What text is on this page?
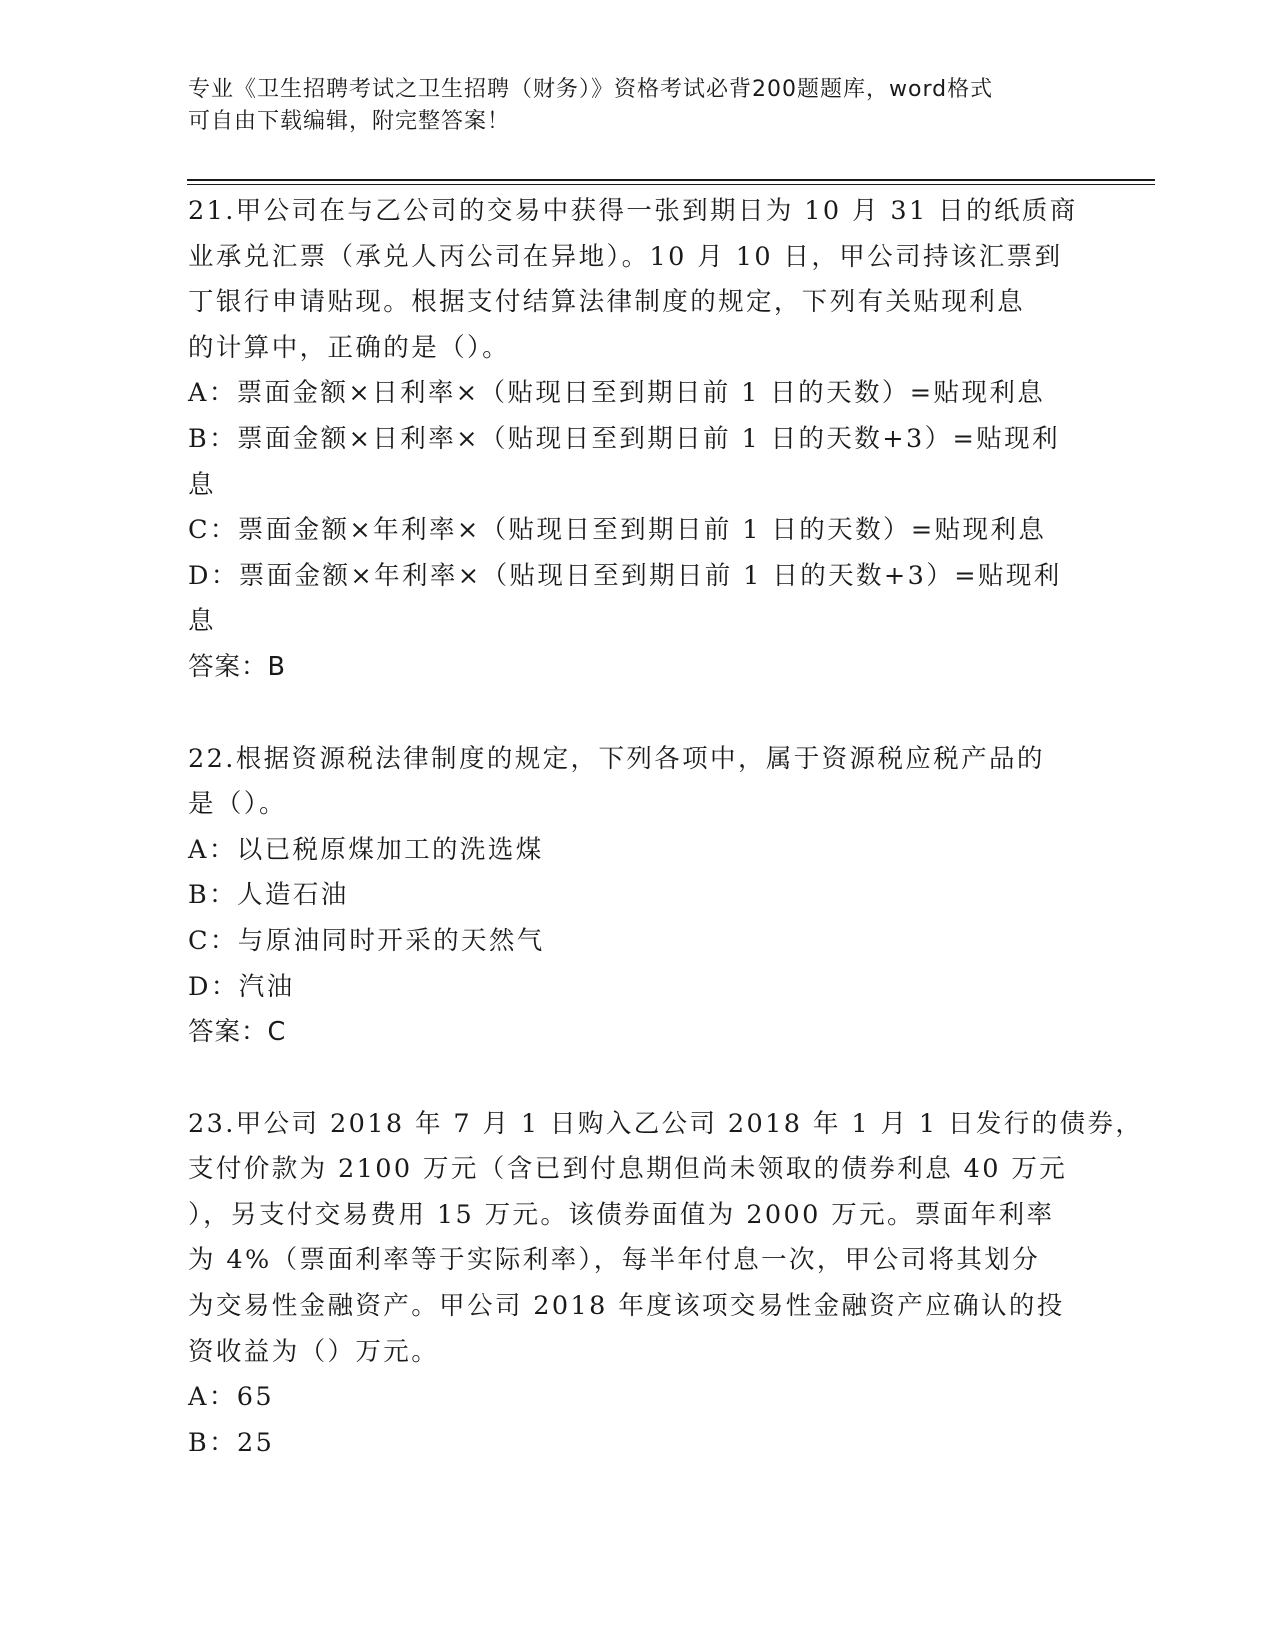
专业《卫生招聘考试之卫生招聘（财务）》资格考试必背200题题库，word格式
可自由下载编辑，附完整答案！
21.甲公司在与乙公司的交易中获得一张到期日为 10 月 31 日的纸质商
业承兑汇票（承兑人丙公司在异地）。10 月 10 日，甲公司持该汇票到
丁银行申请贴现。根据支付结算法律制度的规定，下列有关贴现利息
的计算中，正确的是（）。
A：票面金额×日利率×（贴现日至到期日前 1 日的天数）=贴现利息
B：票面金额×日利率×（贴现日至到期日前 1 日的天数+3）=贴现利
息
C：票面金额×年利率×（贴现日至到期日前 1 日的天数）=贴现利息
D：票面金额×年利率×（贴现日至到期日前 1 日的天数+3）=贴现利
息
答案：B
22.根据资源税法律制度的规定，下列各项中，属于资源税应税产品的
是（）。
A：以已税原煤加工的洗选煤
B：人造石油
C：与原油同时开采的天然气
D：汽油
答案：C
23.甲公司 2018 年 7 月 1 日购入乙公司 2018 年 1 月 1 日发行的债券，
支付价款为 2100 万元（含已到付息期但尚未领取的债券利息 40 万元
），另支付交易费用 15 万元。该债券面值为 2000 万元。票面年利率
为 4%（票面利率等于实际利率），每半年付息一次，甲公司将其划分
为交易性金融资产。甲公司 2018 年度该项交易性金融资产应确认的投
资收益为（）万元。
A：65
B：25
